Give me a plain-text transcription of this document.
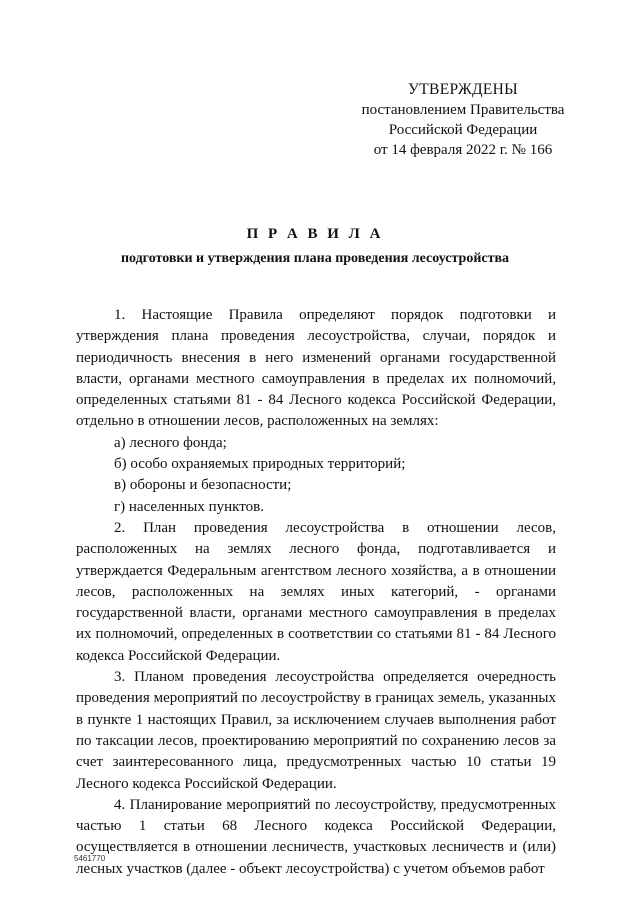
УТВЕРЖДЕНЫ
постановлением Правительства
Российской Федерации
от 14 февраля 2022 г. № 166
П Р А В И Л А
подготовки и утверждения плана проведения лесоустройства

1. Настоящие Правила определяют порядок подготовки и утверждения плана проведения лесоустройства, случаи, порядок и периодичность внесения в него изменений органами государственной власти, органами местного самоуправления в пределах их полномочий, определенных статьями 81 - 84 Лесного кодекса Российской Федерации, отдельно в отношении лесов, расположенных на землях:

а) лесного фонда;

б) особо охраняемых природных территорий;

в) обороны и безопасности;

г) населенных пунктов.

2. План проведения лесоустройства в отношении лесов, расположенных на землях лесного фонда, подготавливается и утверждается Федеральным агентством лесного хозяйства, а в отношении лесов, расположенных на землях иных категорий, - органами государственной власти, органами местного самоуправления в пределах их полномочий, определенных в соответствии со статьями 81 - 84 Лесного кодекса Российской Федерации.

3. Планом проведения лесоустройства определяется очередность проведения мероприятий по лесоустройству в границах земель, указанных в пункте 1 настоящих Правил, за исключением случаев выполнения работ по таксации лесов, проектированию мероприятий по сохранению лесов за счет заинтересованного лица, предусмотренных частью 10 статьи 19 Лесного кодекса Российской Федерации.

4. Планирование мероприятий по лесоустройству, предусмотренных частью 1 статьи 68 Лесного кодекса Российской Федерации, осуществляется в отношении лесничеств, участковых лесничеств и (или) лесных участков (далее - объект лесоустройства) с учетом объемов работ

5461770
